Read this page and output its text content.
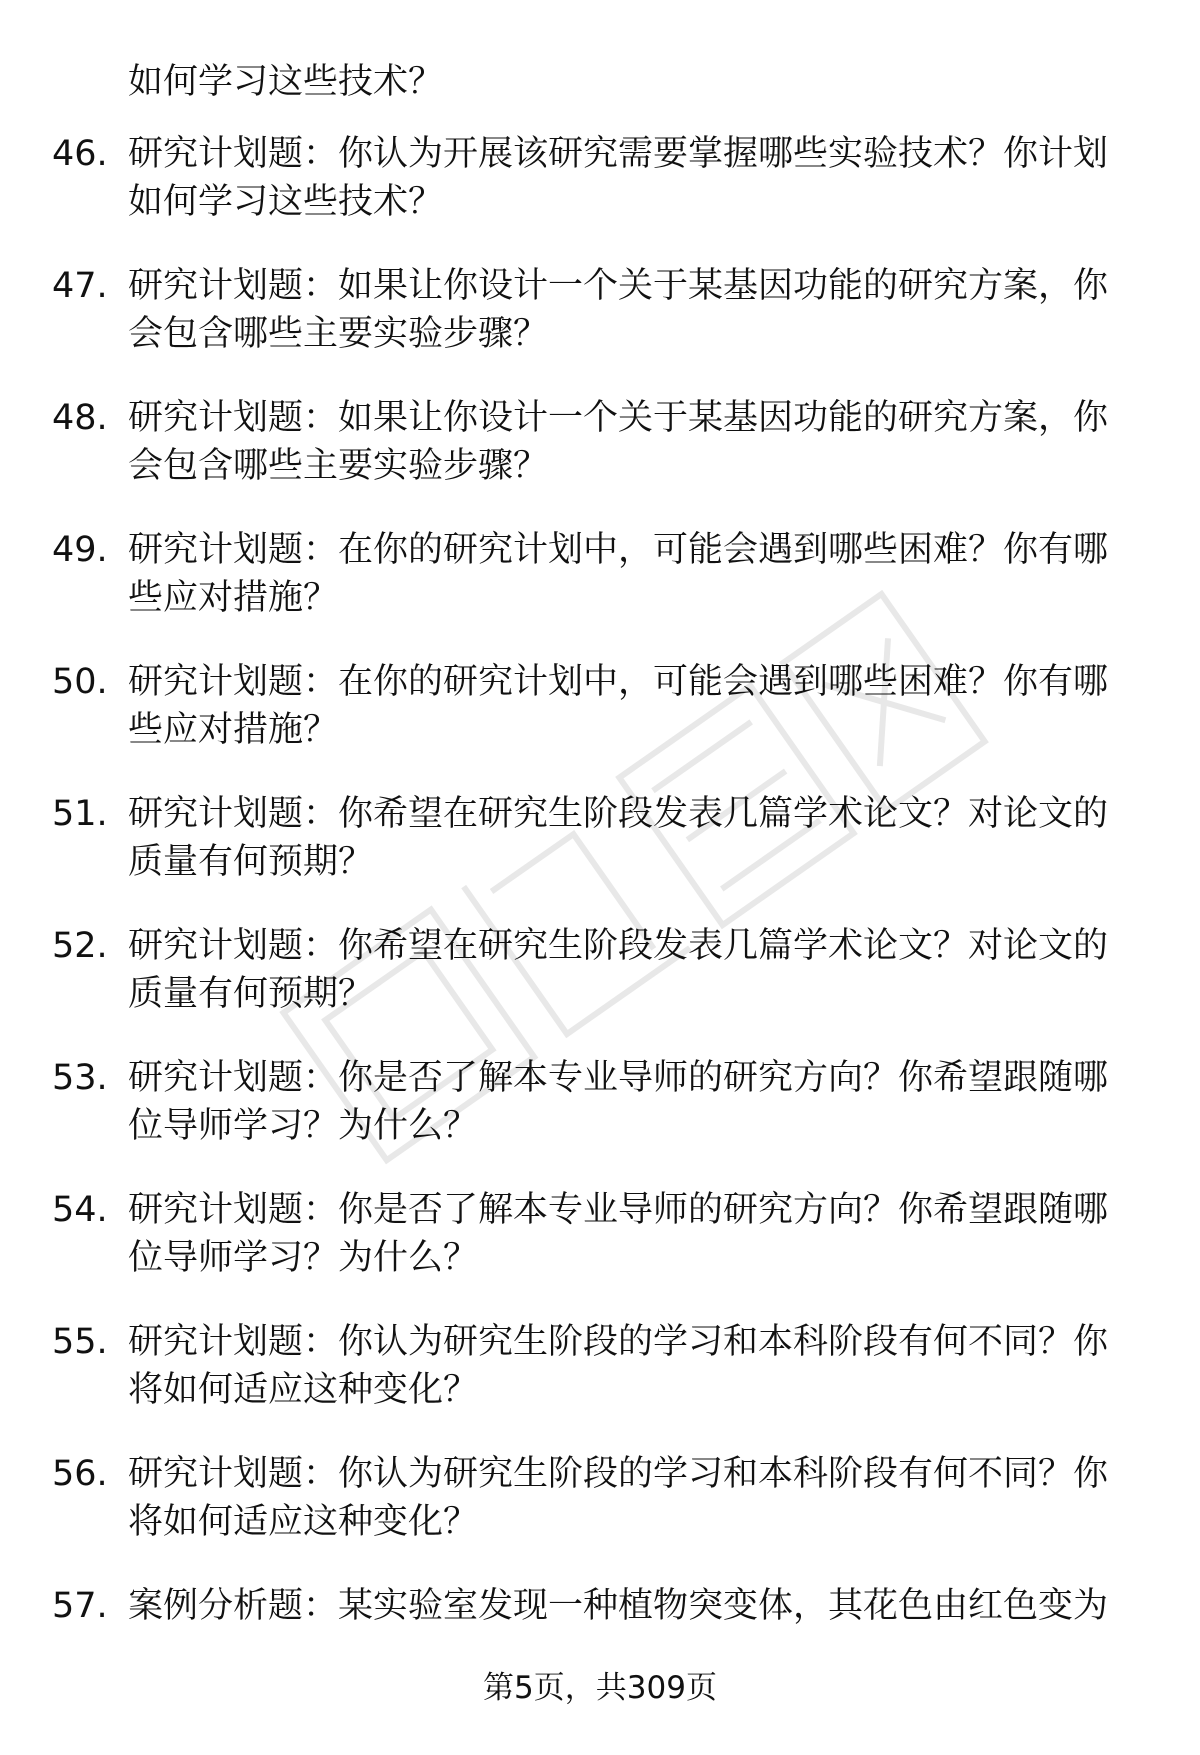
如何学习这些技术？
46. 研究计划题：你认为开展该研究需要掌握哪些实验技术？你计划
如何学习这些技术？
47. 研究计划题：如果让你设计一个关于某基因功能的研究方案，你
会包含哪些主要实验步骤？
48. 研究计划题：如果让你设计一个关于某基因功能的研究方案，你
会包含哪些主要实验步骤？
49. 研究计划题：在你的研究计划中，可能会遇到哪些困难？你有哪
些应对措施？
50. 研究计划题：在你的研究计划中，可能会遇到哪些困难？你有哪
些应对措施？
51. 研究计划题：你希望在研究生阶段发表几篇学术论文？对论文的
质量有何预期？
52. 研究计划题：你希望在研究生阶段发表几篇学术论文？对论文的
质量有何预期？
53. 研究计划题：你是否了解本专业导师的研究方向？你希望跟随哪
位导师学习？为什么？
54. 研究计划题：你是否了解本专业导师的研究方向？你希望跟随哪
位导师学习？为什么？
55. 研究计划题：你认为研究生阶段的学习和本科阶段有何不同？你
将如何适应这种变化？
56. 研究计划题：你认为研究生阶段的学习和本科阶段有何不同？你
将如何适应这种变化？
57. 案例分析题：某实验室发现一种植物突变体，其花色由红色变为
第5页，共309页
